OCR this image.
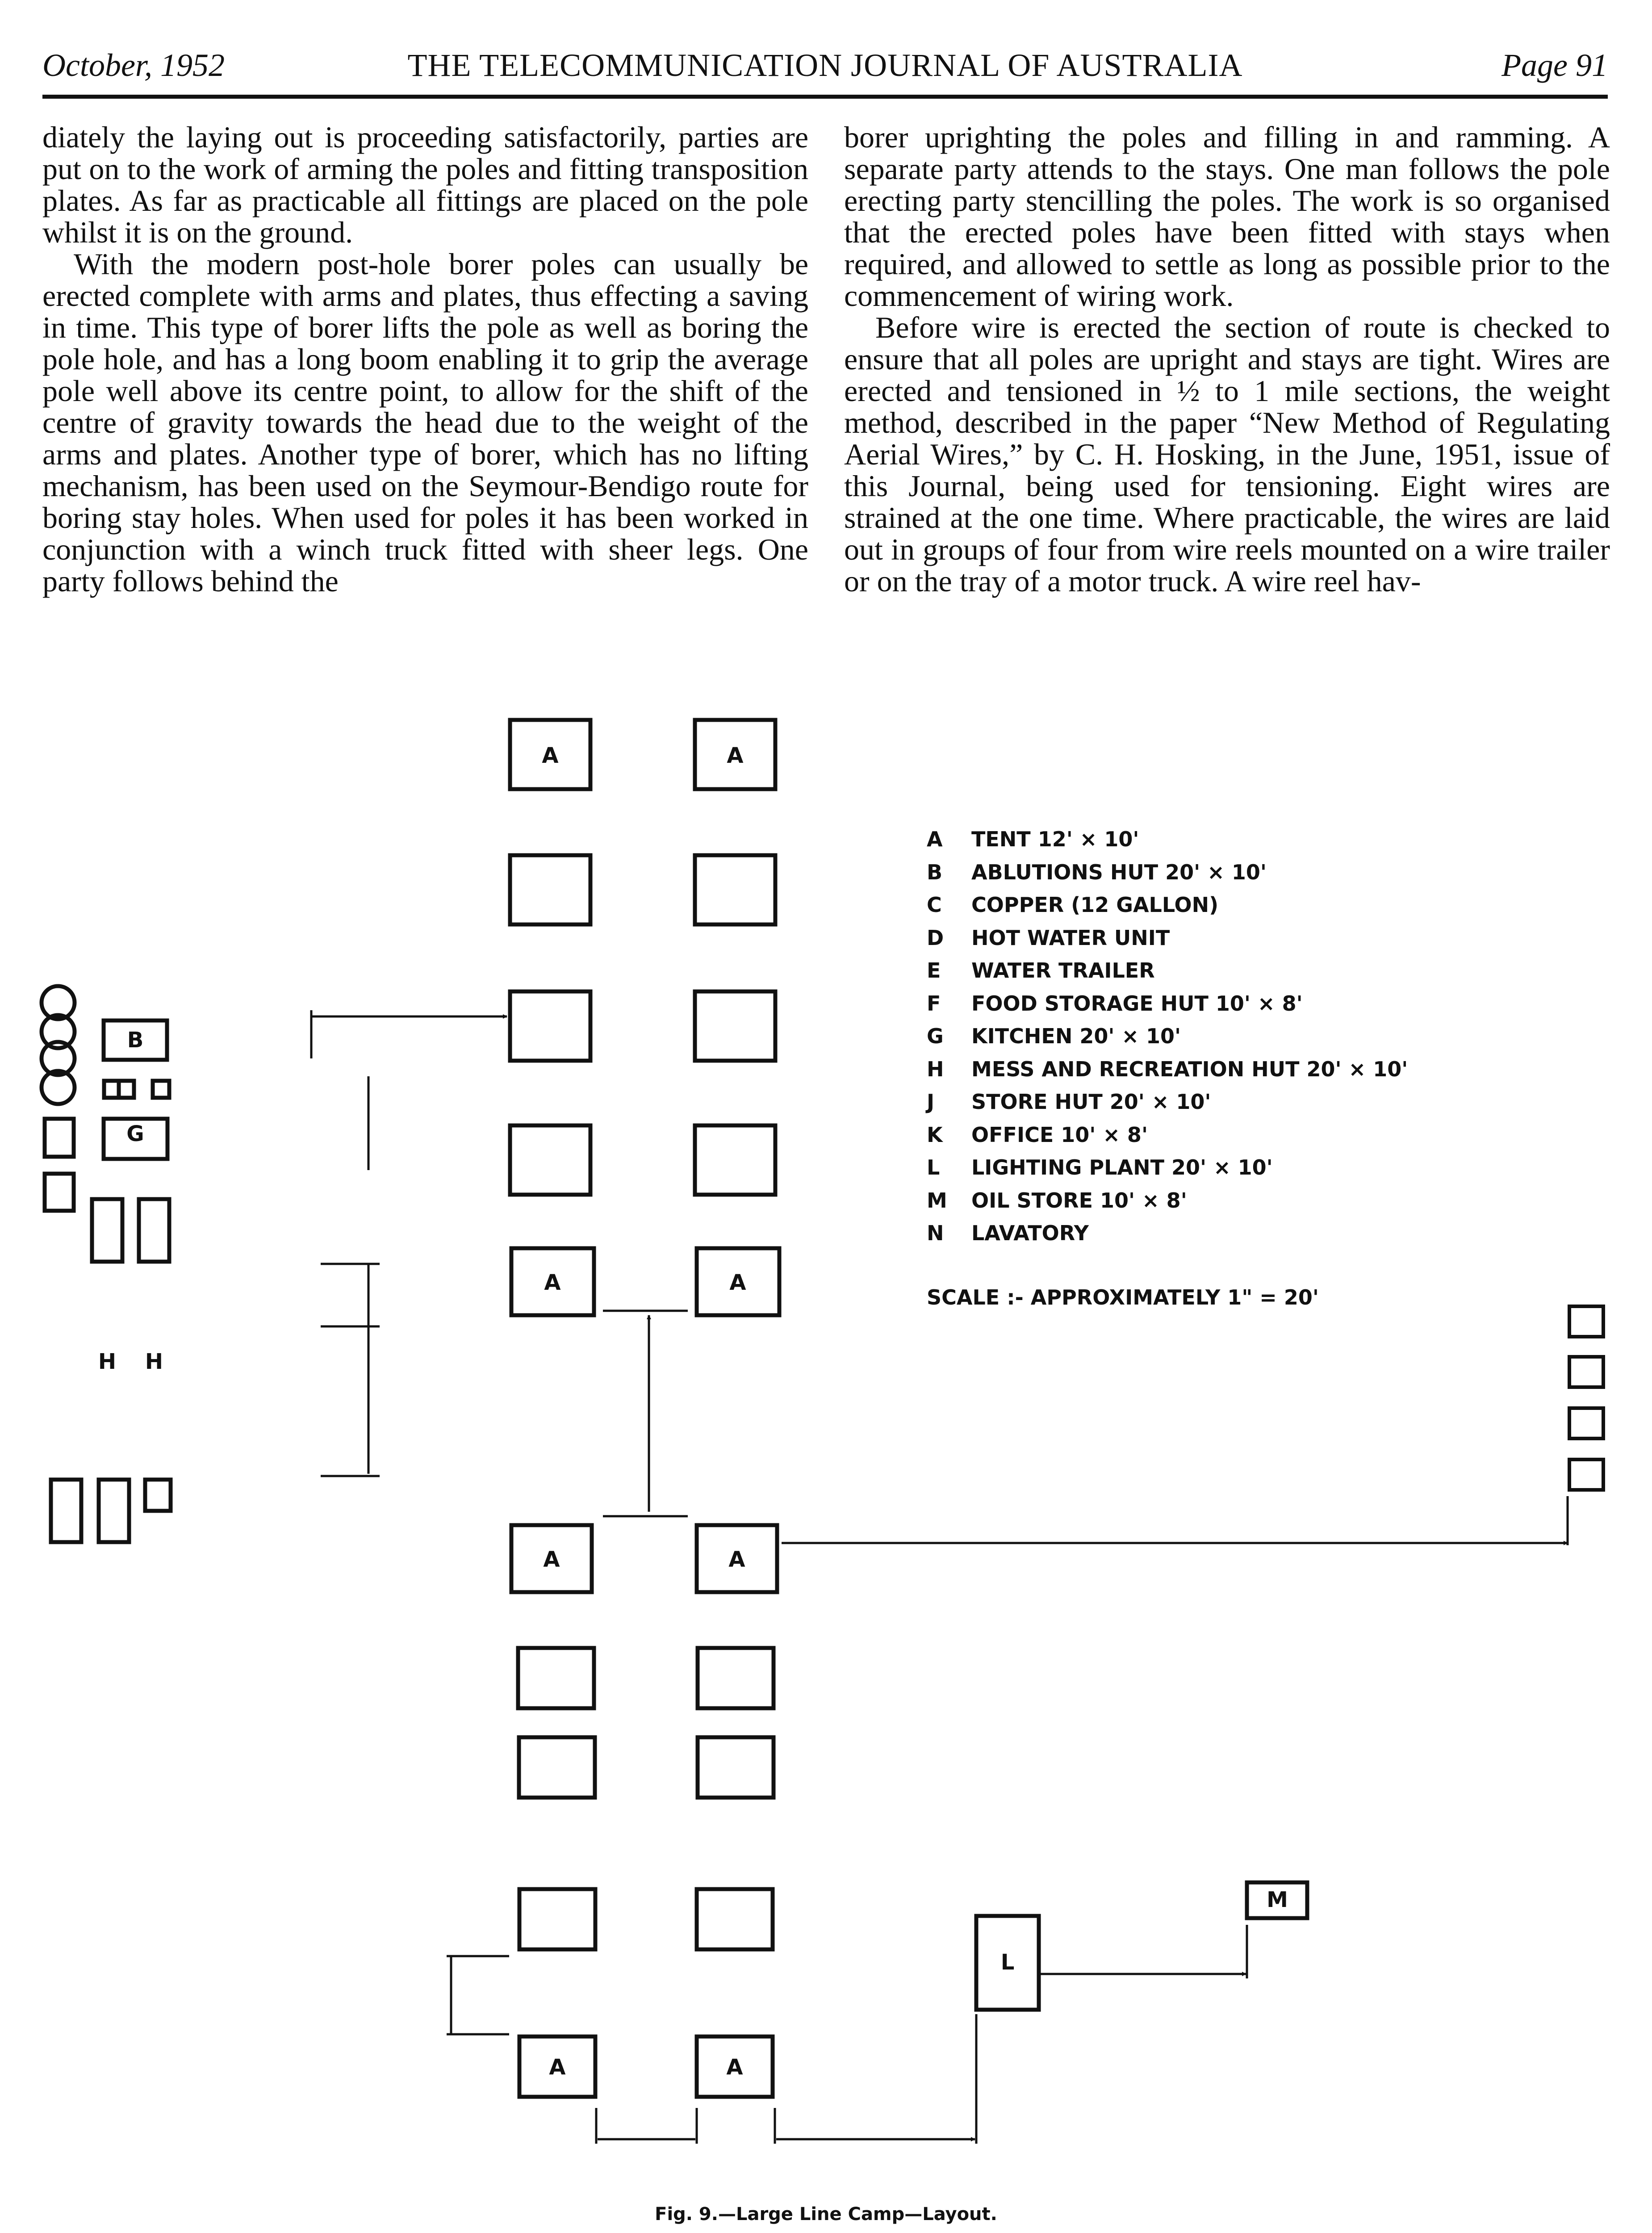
October, 1952	THE TELECOMMUNICATION JOURNAL OF AUSTRALIA	Page 91

diately the laying out is proceeding satisfactorily, parties are put on to the work of arming the poles and fitting transposition plates. As far as practicable all fittings are placed on the pole whilst it is on the ground.

With the modern post-hole borer poles can usually be erected complete with arms and plates, thus effecting a saving in time. This type of borer lifts the pole as well as boring the pole hole, and has a long boom enabling it to grip the average pole well above its centre point, to allow for the shift of the centre of gravity towards the head due to the weight of the arms and plates. Another type of borer, which has no lifting mechanism, has been used on the Seymour-Bendigo route for boring stay holes. When used for poles it has been worked in conjunction with a winch truck fitted with sheer legs. One party follows behind the

borer uprighting the poles and filling in and ramming. A separate party attends to the stays. One man follows the pole erecting party stencilling the poles. The work is so organised that the erected poles have been fitted with stays when required, and allowed to settle as long as possible prior to the commencement of wiring work.

Before wire is erected the section of route is checked to ensure that all poles are upright and stays are tight. Wires are erected and tensioned in ½ to 1 mile sections, the weight method, described in the paper “New Method of Regulating Aerial Wires,” by C. H. Hosking, in the June, 1951, issue of this Journal, being used for tensioning. Eight wires are strained at the one time. Where practicable, the wires are laid out in groups of four from wire reels mounted on a wire trailer or on the tray of a motor truck. A wire reel hav-

A	A
A	A
A	A
A	A
B
G
H H
L
M
A	TENT 12' × 10'
B	ABLUTIONS HUT 20' × 10'
C	COPPER (12 GALLON)
D	HOT WATER UNIT
E	WATER TRAILER
F	FOOD STORAGE HUT 10' × 8'
G	KITCHEN 20' × 10'
H	MESS AND RECREATION HUT 20' × 10'
J	STORE HUT 20' × 10'
K	OFFICE 10' × 8'
L	LIGHTING PLANT 20' × 10'
M	OIL STORE 10' × 8'
N	LAVATORY
SCALE :- APPROXIMATELY 1" = 20'
Fig. 9.—Large Line Camp—Layout.
